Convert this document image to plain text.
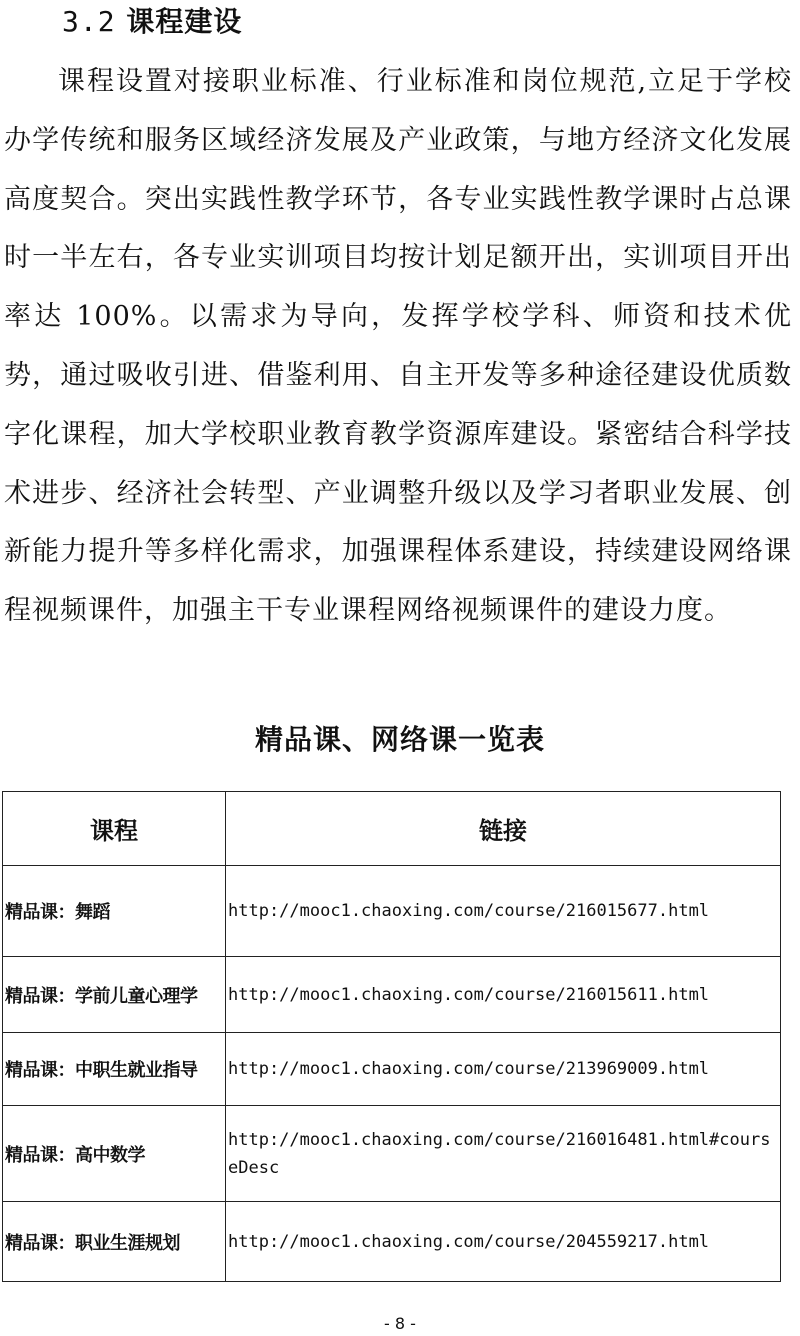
3.2 课程建设

课程设置对接职业标准、行业标准和岗位规范,立足于学校办学传统和服务区域经济发展及产业政策，与地方经济文化发展高度契合。突出实践性教学环节，各专业实践性教学课时占总课时一半左右，各专业实训项目均按计划足额开出，实训项目开出率达 100%。以需求为导向，发挥学校学科、师资和技术优势，通过吸收引进、借鉴利用、自主开发等多种途径建设优质数字化课程，加大学校职业教育教学资源库建设。紧密结合科学技术进步、经济社会转型、产业调整升级以及学习者职业发展、创新能力提升等多样化需求，加强课程体系建设，持续建设网络课程视频课件，加强主干专业课程网络视频课件的建设力度。

精品课、网络课一览表
课程	链接
精品课：舞蹈	http://mooc1.chaoxing.com/course/216015677.html
精品课：学前儿童心理学	http://mooc1.chaoxing.com/course/216015611.html
精品课：中职生就业指导	http://mooc1.chaoxing.com/course/213969009.html
精品课：高中数学	http://mooc1.chaoxing.com/course/216016481.html#courseDesc
精品课：职业生涯规划	http://mooc1.chaoxing.com/course/204559217.html
- 8 -
